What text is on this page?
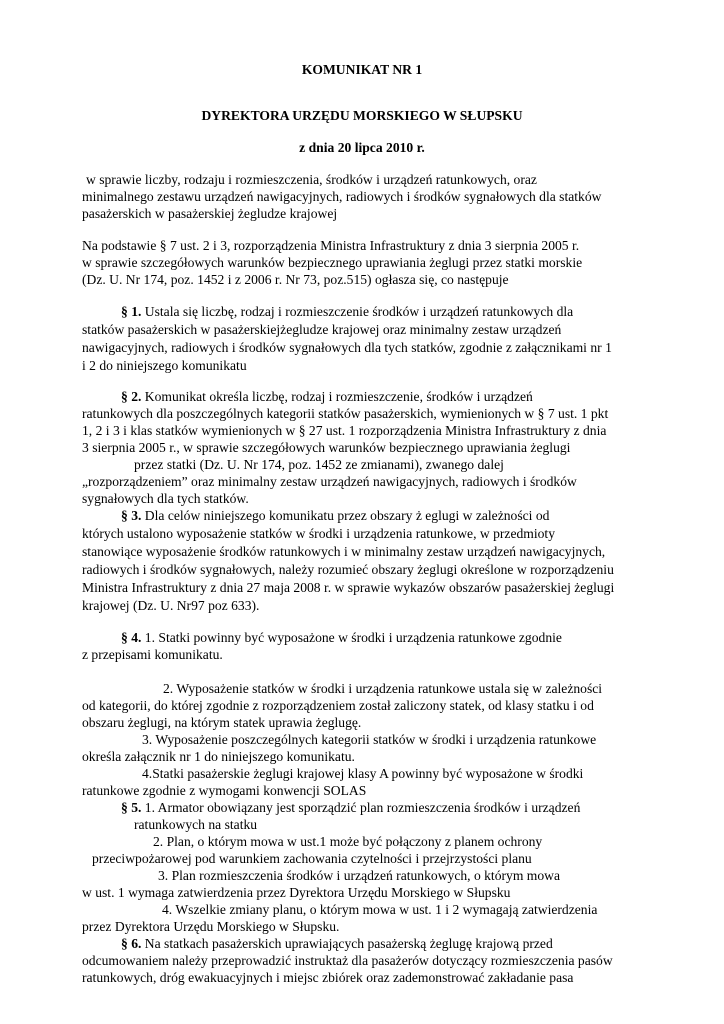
KOMUNIKAT NR 1
DYREKTORA URZĘDU MORSKIEGO W SŁUPSKU
z dnia 20 lipca 2010 r.
w sprawie liczby, rodzaju i rozmieszczenia, środków i urządzeń ratunkowych, oraz
minimalnego zestawu urządzeń nawigacyjnych, radiowych i środków sygnałowych dla statków
pasażerskich w pasażerskiej żegludze krajowej
Na podstawie § 7 ust. 2 i 3, rozporządzenia Ministra Infrastruktury z dnia 3 sierpnia 2005 r.
w sprawie szczegółowych warunków bezpiecznego uprawiania żeglugi przez statki morskie
(Dz. U. Nr 174, poz. 1452 i z 2006 r. Nr 73, poz.515) ogłasza się, co następuje
§ 1. Ustala się liczbę, rodzaj i rozmieszczenie środków i urządzeń ratunkowych dla
statków pasażerskich w pasażerskiejżegludze krajowej oraz minimalny zestaw urządzeń
nawigacyjnych, radiowych i środków sygnałowych dla tych statków, zgodnie z załącznikami nr 1
i 2 do niniejszego komunikatu
§ 2. Komunikat określa liczbę, rodzaj i rozmieszczenie, środków i urządzeń
ratunkowych dla poszczególnych kategorii statków pasażerskich, wymienionych w § 7 ust. 1 pkt
1, 2 i 3 i klas statków wymienionych w § 27 ust. 1 rozporządzenia Ministra Infrastruktury z dnia
3 sierpnia 2005 r., w sprawie szczegółowych warunków bezpiecznego uprawiania żeglugi
przez statki (Dz. U. Nr 174, poz. 1452 ze zmianami), zwanego dalej
„rozporządzeniem” oraz minimalny zestaw urządzeń nawigacyjnych, radiowych i środków
sygnałowych dla tych statków.
§ 3. Dla celów niniejszego komunikatu przez obszary ż eglugi w zależności od
których ustalono wyposażenie statków w środki i urządzenia ratunkowe, w przedmioty
stanowiące wyposażenie środków ratunkowych i w minimalny zestaw urządzeń nawigacyjnych,
radiowych i środków sygnałowych, należy rozumieć obszary żeglugi określone w rozporządzeniu
Ministra Infrastruktury z dnia 27 maja 2008 r. w sprawie wykazów obszarów pasażerskiej żeglugi
krajowej (Dz. U. Nr97 poz 633).
§ 4. 1. Statki powinny być wyposażone w środki i urządzenia ratunkowe zgodnie
z przepisami komunikatu.
2. Wyposażenie statków w środki i urządzenia ratunkowe ustala się w zależności
od kategorii, do której zgodnie z rozporządzeniem został zaliczony statek, od klasy statku i od
obszaru żeglugi, na którym statek uprawia żeglugę.
3. Wyposażenie poszczególnych kategorii statków w środki i urządzenia ratunkowe
określa załącznik nr 1 do niniejszego komunikatu.
4.Statki pasażerskie żeglugi krajowej klasy A powinny być wyposażone w środki
ratunkowe zgodnie z wymogami konwencji SOLAS
§ 5. 1. Armator obowiązany jest sporządzić plan rozmieszczenia środków i urządzeń
ratunkowych na statku
2. Plan, o którym mowa w ust.1 może być połączony z planem ochrony
przeciwpożarowej pod warunkiem zachowania czytelności i przejrzystości planu
3. Plan rozmieszczenia środków i urządzeń ratunkowych, o którym mowa
w ust. 1 wymaga zatwierdzenia przez Dyrektora Urzędu Morskiego w Słupsku
4. Wszelkie zmiany planu, o którym mowa w ust. 1 i 2 wymagają zatwierdzenia
przez Dyrektora Urzędu Morskiego w Słupsku.
§ 6. Na statkach pasażerskich uprawiających pasażerską żeglugę krajową przed
odcumowaniem należy przeprowadzić instruktaż dla pasażerów dotyczący rozmieszczenia pasów
ratunkowych, dróg ewakuacyjnych i miejsc zbiórek oraz zademonstrować zakładanie pasa
